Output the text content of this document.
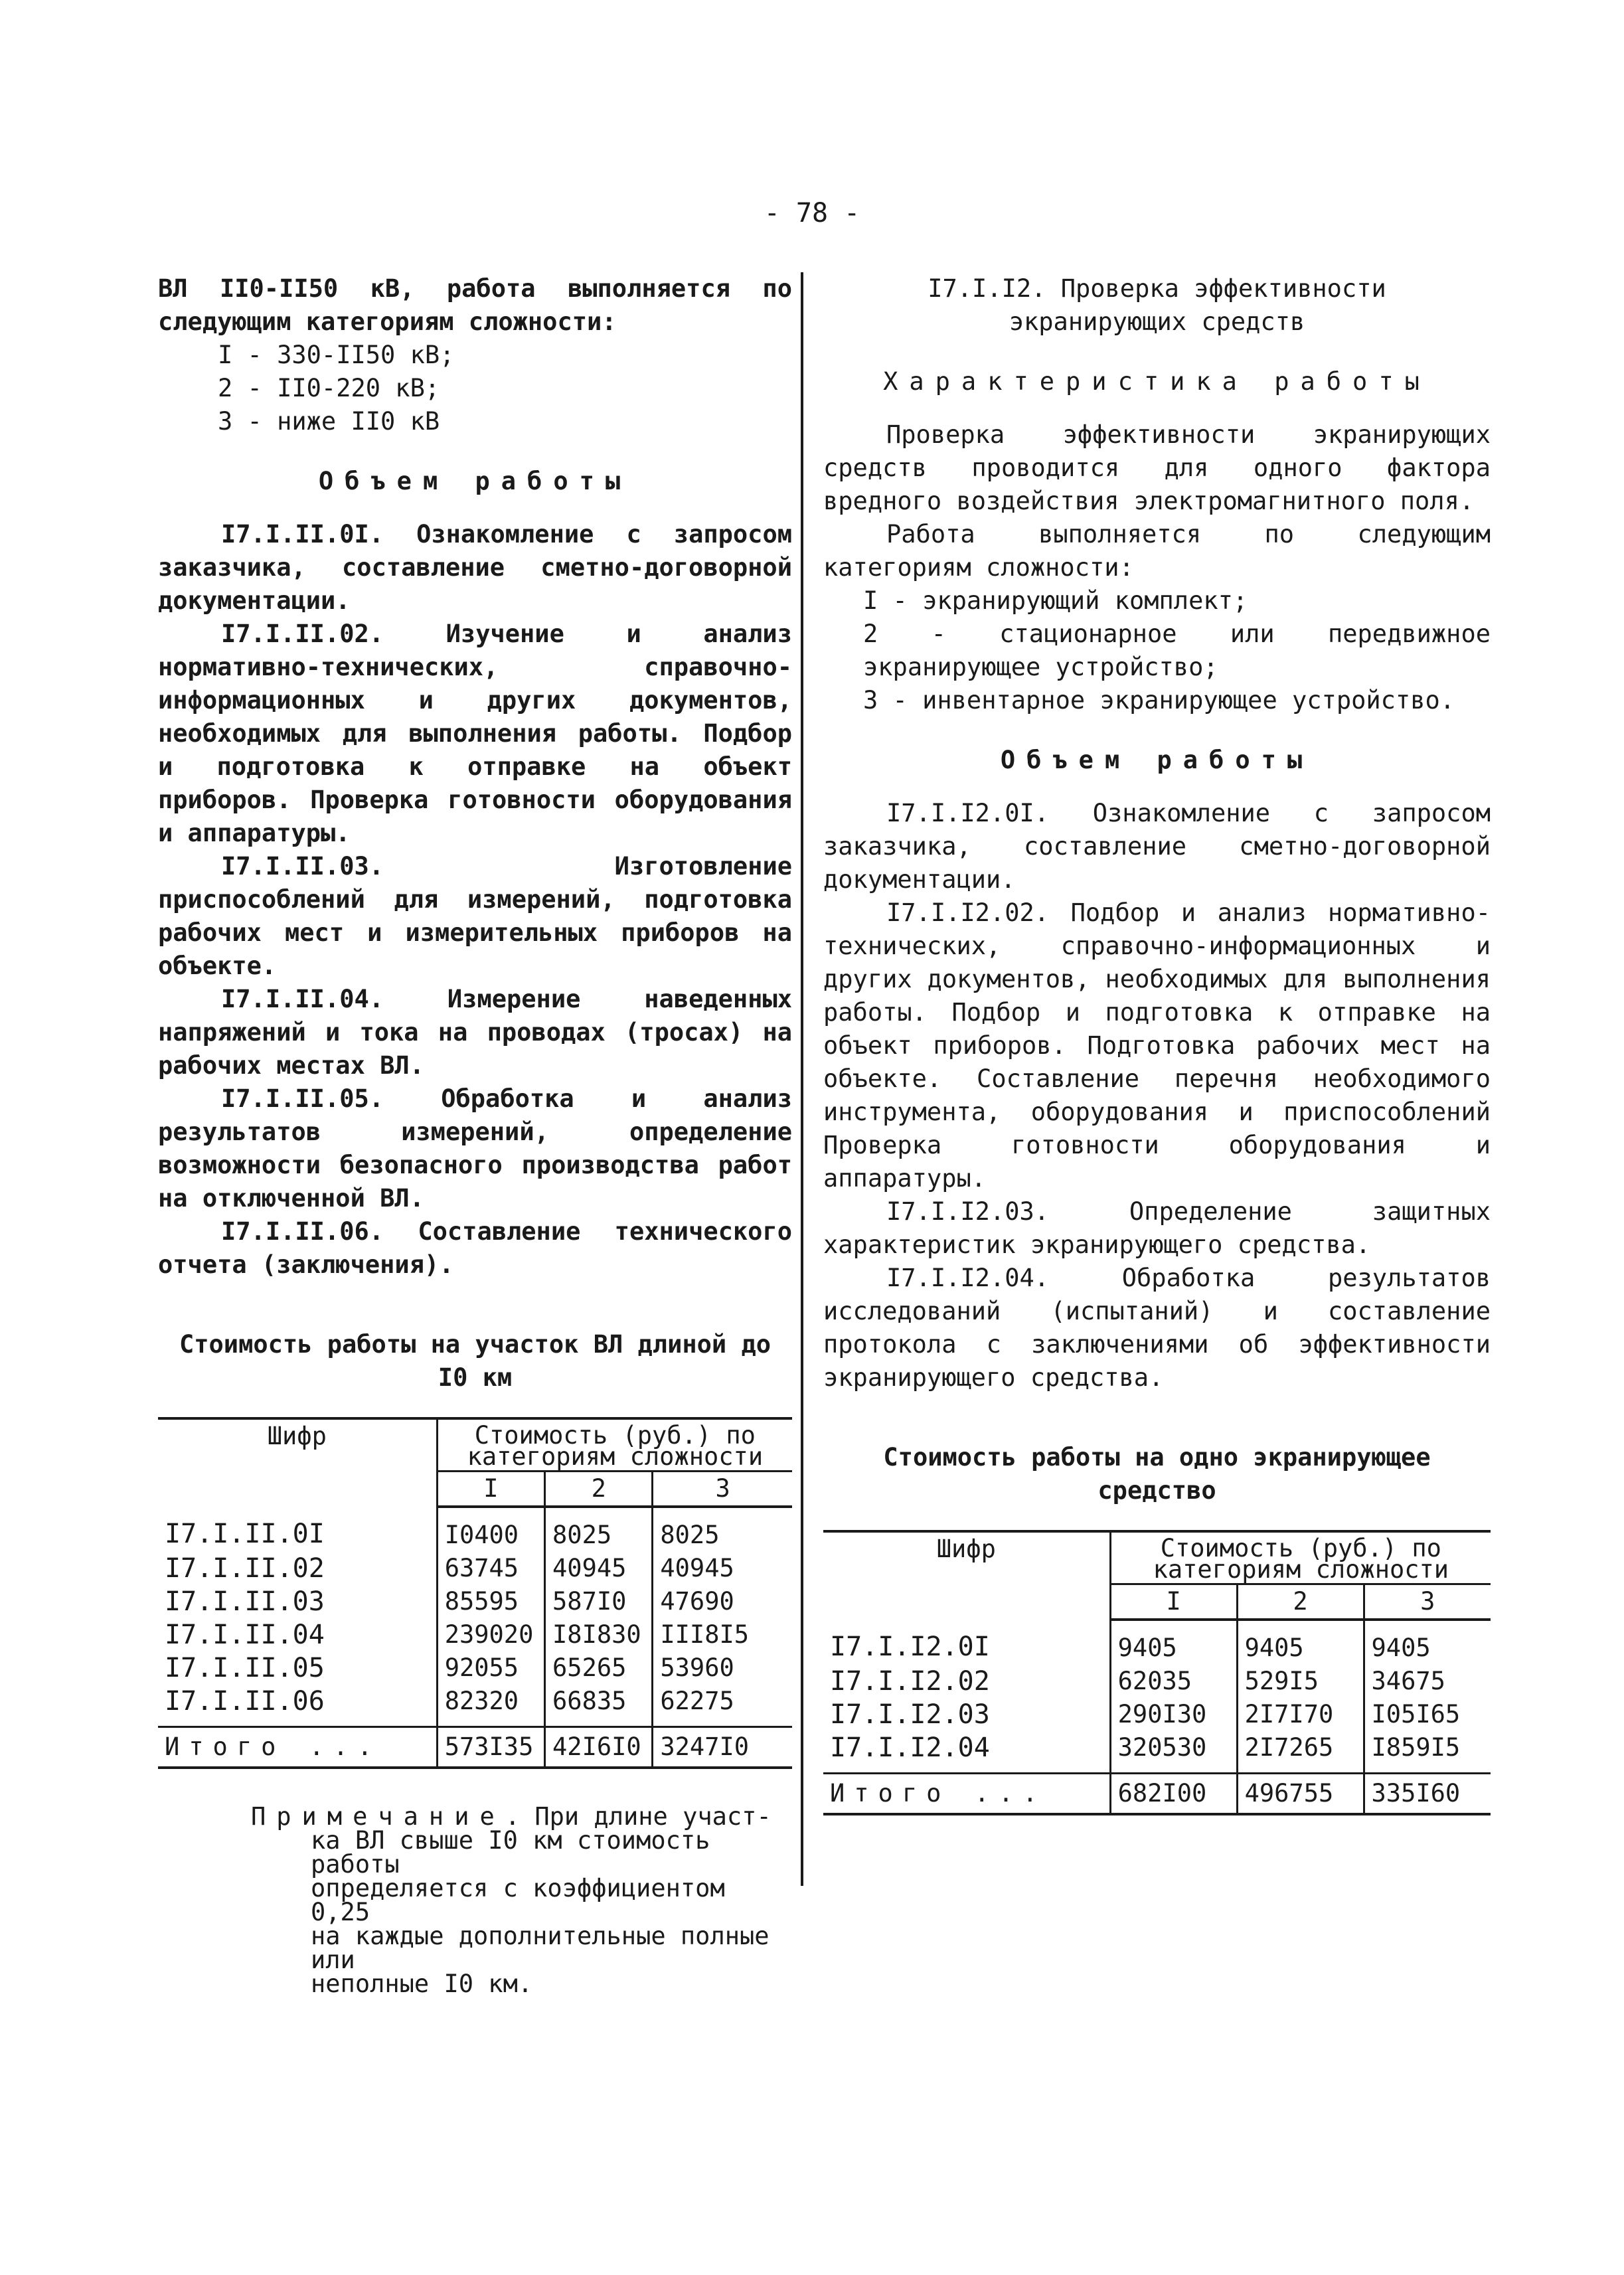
- 78 -

ВЛ II0-II50 кВ, работа выполняется по следующим категориям сложности:

I - 330-II50 кВ;

2 - II0-220 кВ;

3 - ниже II0 кВ

Объем работы

I7.I.II.0I. Ознакомление с запросом заказчика, составление сметно-договорной документации.

I7.I.II.02. Изучение и анализ нормативно-технических, справочно-информационных и других документов, необходимых для выполнения работы. Подбор и подготовка к отправке на объект приборов. Проверка готовности оборудования и аппаратуры.

I7.I.II.03. Изготовление приспособлений для измерений, подготовка рабочих мест и измерительных приборов на объекте.

I7.I.II.04. Измерение наведенных напряжений и тока на проводах (тросах) на рабочих местах ВЛ.

I7.I.II.05. Обработка и анализ результатов измерений, определение возможности безопасного производства работ на отключенной ВЛ.

I7.I.II.06. Составление технического отчета (заключения).

Стоимость работы на участок ВЛ длиной до I0 км

Шифр	Стоимость (руб.) по категориям сложности		
	I	2	3
I7.I.II.0I	I0400	8025	8025
I7.I.II.02	63745	40945	40945
I7.I.II.03	85595	587I0	47690
I7.I.II.04	239020	I8I830	III8I5
I7.I.II.05	92055	65265	53960
I7.I.II.06	82320	66835	62275
Итого ...	573I35	42I6I0	3247I0
Примечание. При длине участ-
ка ВЛ свыше I0 км стоимость работы
определяется с коэффициентом 0,25
на каждые дополнительные полные или
неполные I0 км.

I7.I.I2. Проверка эффективности экранирующих средств

Характеристика работы

Проверка эффективности экранирующих средств проводится для одного фактора вредного воздействия электромагнитного поля.

Работа выполняется по следующим категориям сложности:

I - экранирующий комплект;

2 - стационарное или передвижное экранирующее устройство;

3 - инвентарное экранирующее устройство.

Объем работы

I7.I.I2.0I. Ознакомление с запросом заказчика, составление сметно-договорной документации.

I7.I.I2.02. Подбор и анализ нормативно-технических, справочно-информационных и других документов, необходимых для выполнения работы. Подбор и подготовка к отправке на объект приборов. Подготовка рабочих мест на объекте. Составление перечня необходимого инструмента, оборудования и приспособлений Проверка готовности оборудования и аппаратуры.

I7.I.I2.03. Определение защитных характеристик экранирующего средства.

I7.I.I2.04. Обработка результатов исследований (испытаний) и составление протокола с заключениями об эффективности экранирующего средства.

Стоимость работы на одно экранирующее средство

Шифр	Стоимость (руб.) по категориям сложности		
	I	2	3
I7.I.I2.0I	9405	9405	9405
I7.I.I2.02	62035	529I5	34675
I7.I.I2.03	290I30	2I7I70	I05I65
I7.I.I2.04	320530	2I7265	I859I5
Итого ...	682I00	496755	335I60
